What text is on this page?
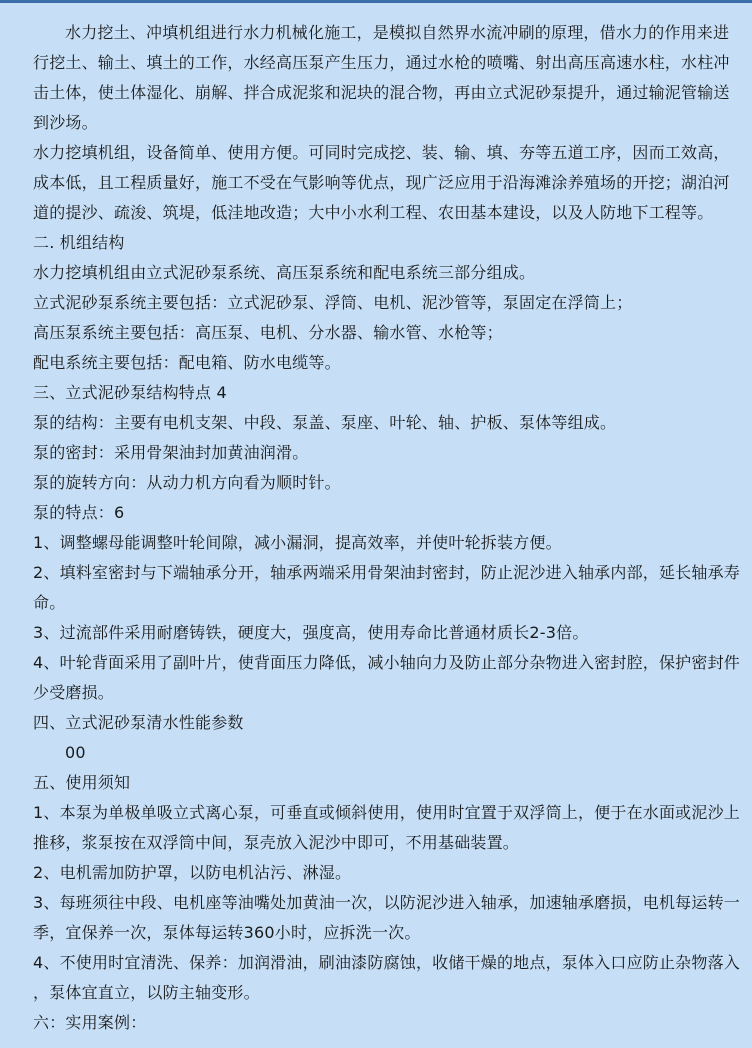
水力挖土、冲填机组进行水力机械化施工，是模拟自然界水流冲刷的原理，借水力的作用来进
行挖土、输土、填土的工作，水经高压泵产生压力，通过水枪的喷嘴、射出高压高速水柱，水柱冲
击土体，使土体湿化、崩解、拌合成泥浆和泥块的混合物，再由立式泥砂泵提升，通过输泥管输送
到沙场。
水力挖填机组，设备简单、使用方便。可同时完成挖、装、输、填、夯等五道工序，因而工效高，
成本低，且工程质量好，施工不受在气影响等优点，现广泛应用于沿海滩涂养殖场的开挖；湖泊河
道的提沙、疏浚、筑堤，低洼地改造；大中小水利工程、农田基本建设，以及人防地下工程等。
二. 机组结构
水力挖填机组由立式泥砂泵系统、高压泵系统和配电系统三部分组成。
立式泥砂泵系统主要包括：立式泥砂泵、浮筒、电机、泥沙管等，泵固定在浮筒上；
高压泵系统主要包括：高压泵、电机、分水器、输水管、水枪等；
配电系统主要包括：配电箱、防水电缆等。
三、立式泥砂泵结构特点 4
泵的结构：主要有电机支架、中段、泵盖、泵座、叶轮、轴、护板、泵体等组成。
泵的密封：采用骨架油封加黄油润滑。
泵的旋转方向：从动力机方向看为顺时针。
泵的特点：6
1、调整螺母能调整叶轮间隙，减小漏洞，提高效率，并使叶轮拆装方便。
2、填料室密封与下端轴承分开，轴承两端采用骨架油封密封，防止泥沙进入轴承内部，延长轴承寿
命。
3、过流部件采用耐磨铸铁，硬度大，强度高，使用寿命比普通材质长2-3倍。
4、叶轮背面采用了副叶片，使背面压力降低，减小轴向力及防止部分杂物进入密封腔，保护密封件
少受磨损。
四、立式泥砂泵清水性能参数
00
五、使用须知
1、本泵为单极单吸立式离心泵，可垂直或倾斜使用，使用时宜置于双浮筒上，便于在水面或泥沙上
推移，浆泵按在双浮筒中间，泵壳放入泥沙中即可，不用基础装置。
2、电机需加防护罩，以防电机沾污、淋湿。
3、每班须往中段、电机座等油嘴处加黄油一次，以防泥沙进入轴承，加速轴承磨损，电机每运转一
季，宜保养一次，泵体每运转360小时，应拆洗一次。
4、不使用时宜清洗、保养：加润滑油，刷油漆防腐蚀，收储干燥的地点，泵体入口应防止杂物落入
，泵体宜直立，以防主轴变形。
六：实用案例：
